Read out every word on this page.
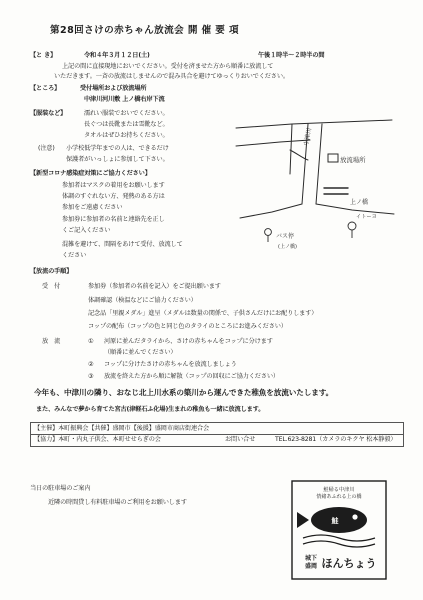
第28回さけの赤ちゃん放流会 開 催 要 項
【と き】	令和４年３月１２日(土)	午後１時半～２時半の間
上記の間に直接現地においでください。受付を済ませた方から順番に放流して
いただきます。一斉の放流はしませんので混み具合を避けてゆっくりおいでください。
【ところ】	受付場所および放流場所
中津川河川敷 上ノ橋右岸下流
【服装など】	濡れい服装でおいでください。
長ぐつは長靴または雪靴など。
タオルはぜひお持ちください。
(注意) 小学校低学年までの人は、できるだけ
保護者がいっしょに参加して下さい。
【新型コロナ感染症対策にご協力ください】
参加者はマスクの着用をお願いします
体調のすぐれない方、発熱のある方は
参加をご遠慮ください
参加券に参加者の名前と連絡先を正し
くご記入ください
混雑を避けて、間隔をあけて受付、放流して
ください
【放流の手順】
受　付	参加券（参加者の名前を記入）をご提出願います
体調確認（検温などにご協力ください）
記念品「里親メダル」進呈（メダルは数量の関係で、子供さんだけにお配りします）
コップの配布（コップの色と同じ色のタライのところにお進みください）
放　流	① 河原に並んだタライから、さけの赤ちゃんをコップに分けます
（順番に並んでください）
② コップに分けたさけの赤ちゃんを放流しましょう
③ 放流を終えた方から順に解散（コップの回収にご協力ください）
今年も、中津川の隣り、おなじ北上川水系の簗川から運んできた稚魚を放流いたします。
また、みんなで夢から育てた宮古(津軽石ふ化場)生まれの稚魚も一緒に放流します。
【主催】本町振興会【共催】盛岡市【後援】盛岡市商店街連合会
【協力】本町・内丸子供会、本町せせらぎの会	お問い合せ	TEL.623-8281（カメラのキクヤ 松本静毅）
当日の駐車場のご案内
近隣の時間貸し有料駐車場のご利用をお願いします
中津川
放流場所
上ノ橋
イトーヨ
バス停
(上ノ橋)
鮭帰る中津川
情緒あふれる上の橋
鮭
城下
盛岡 ほんちょう
